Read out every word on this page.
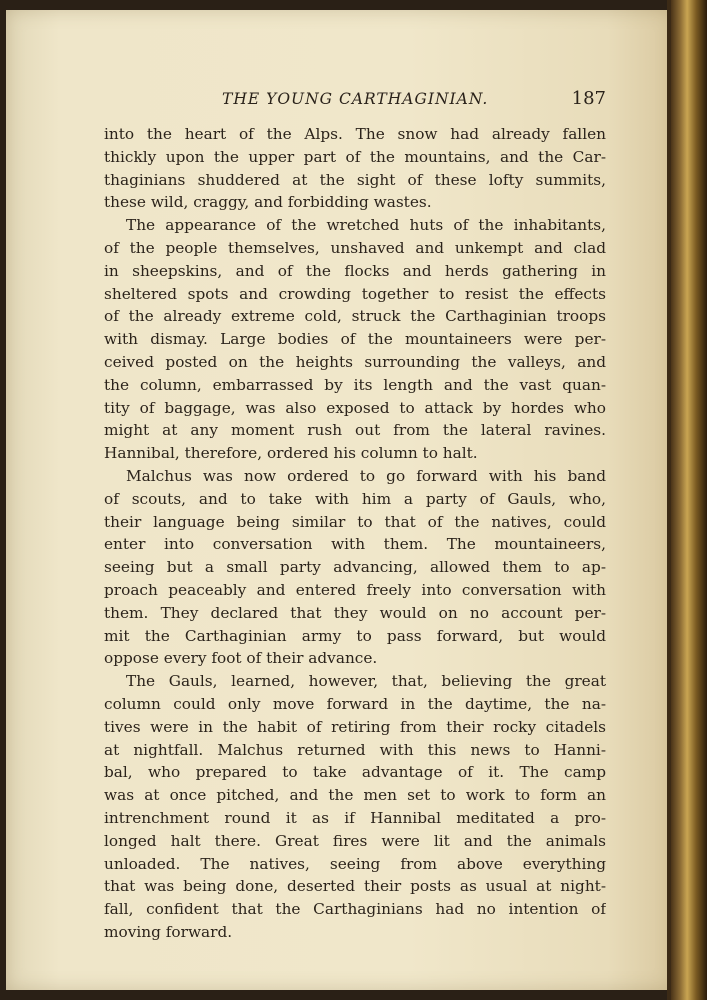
THE YOUNG CARTHAGINIAN.	187
into the heart of the Alps. The snow had already fallen
thickly upon the upper part of the mountains, and the Car-
thaginians shuddered at the sight of these lofty summits,
these wild, craggy, and forbidding wastes.
The appearance of the wretched huts of the inhabitants,
of the people themselves, unshaved and unkempt and clad
in sheepskins, and of the flocks and herds gathering in
sheltered spots and crowding together to resist the effects
of the already extreme cold, struck the Carthaginian troops
with dismay. Large bodies of the mountaineers were per-
ceived posted on the heights surrounding the valleys, and
the column, embarrassed by its length and the vast quan-
tity of baggage, was also exposed to attack by hordes who
might at any moment rush out from the lateral ravines.
Hannibal, therefore, ordered his column to halt.
Malchus was now ordered to go forward with his band
of scouts, and to take with him a party of Gauls, who,
their language being similar to that of the natives, could
enter into conversation with them. The mountaineers,
seeing but a small party advancing, allowed them to ap-
proach peaceably and entered freely into conversation with
them. They declared that they would on no account per-
mit the Carthaginian army to pass forward, but would
oppose every foot of their advance.
The Gauls, learned, however, that, believing the great
column could only move forward in the daytime, the na-
tives were in the habit of retiring from their rocky citadels
at nightfall. Malchus returned with this news to Hanni-
bal, who prepared to take advantage of it. The camp
was at once pitched, and the men set to work to form an
intrenchment round it as if Hannibal meditated a pro-
longed halt there. Great fires were lit and the animals
unloaded. The natives, seeing from above everything
that was being done, deserted their posts as usual at night-
fall, confident that the Carthaginians had no intention of
moving forward.
